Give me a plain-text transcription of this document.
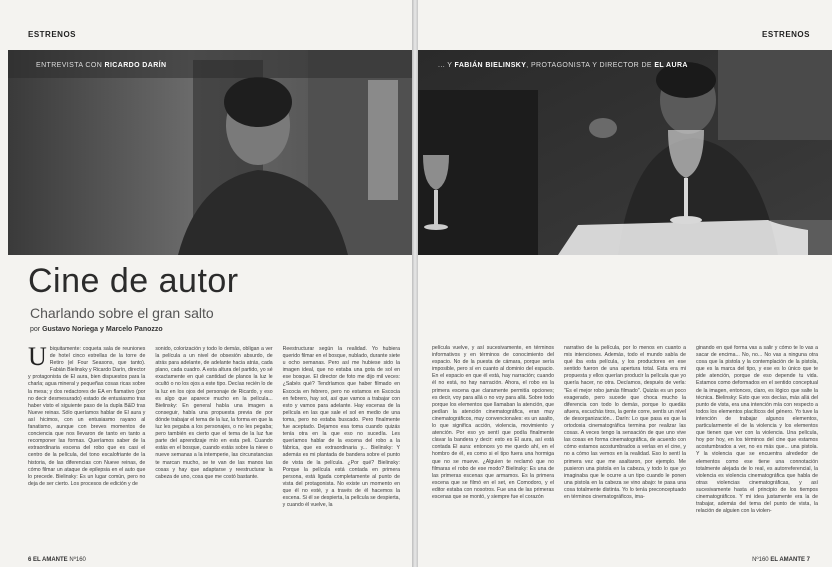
ESTRENOS
ENTREVISTA CON RICARDO DARÍN
Cine de autor
Charlando sobre el gran salto
por Gustavo Noriega y Marcelo Panozzo
U biquitamente: coqueta sala de reuniones de hotel cinco estrellas de la torre de Retiro (el Four Seasons, que tanto). Fabián Bielinsky y Ricardo Darín, director y protagonista de El aura, bien dispuestos para la charla; agua mineral y pequeñas cosas ricas sobre la mesa; y dos redactores de EA en flamativo (por no decir desmesurado) estado de entusiasmo tras haber visto el siguiente paso de la dupla B&D tras Nueve reinas. Sólo queríamos hablar de El aura y así hicimos, con un entusiasmo rayano al fanatismo, aunque con breves momentos de conciencia que nos llevaron de tanto en tanto a recomponer las formas. Queríamos saber de la extraordinaria escena del robo que es casi el centro de la película, del tono escalofriante de la historia, de las diferencias con Nueve reinas, de cómo filmar un ataque de epilepsia en el auto que lo precede. Bielinsky: Es un lugar común, pero no deja de ser cierto. Los procesos de edición y de
sonido, colorización y todo lo demás, obligan a ver la película a un nivel de obsesión absurdo, de atrás para adelante, de adelante hacia atrás, cada plano, cada cuadro. A esta altura del partido, yo sé exactamente en qué cantidad de planos la luz le ocultó o no los ojos a este tipo. Decías recién lo de la luz en los ojos del personaje de Ricardo, y eso es algo que aparece mucho en la película... Bielinsky: En general había una imagen a conseguir, había una propuesta previa de por dónde trabajar el tema de la luz, la forma en que la luz les pegaba a los personajes, o no les pegaba; pero también es cierto que el tema de la luz fue parte del aprendizaje mío en esta peli. Cuando estás en el bosque, cuando estás sobre la nieve o nueve semanas a la intemperie, las circunstancias te marcan mucho, se te van de las manos las cosas y hay que adaptarse y reestructurar la cabeza de uno, cosa que me costó bastante.
Reestructurar según la realidad. Yo hubiera querido filmar en el bosque, nublado, durante siete u ocho semanas. Pero así me hubiese sido la imagen ideal, que no estaba una gota de sol en ese bosque. El director de foto me dijo mil veces: ¿Sabés qué? Tendríamos que haber filmado en Escocia en febrero, pero no estamos en Escocia en febrero, hay sol, así que vamos a trabajar con esto y vamos para adelante. Hay escenas de la película en las que sale el sol en medio de una toma, pero no estaba buscado. Pero finalmente fue aceptado. Dejamos esa toma cuando quizás tenía otra en la que eso no sucedía. Les queríamos hablar de la escena del robo a la fábrica, que es extraordinaria y... Bielinsky: Y además es mi plantada de bandera sobre el punto de vista de la película. ¿Por qué? Bielinsky: Porque la película está contada en primera persona, está ligada completamente al punto de vista del protagonista. No existe un momento en que él no esté, y a través de él hacemos la escena. Si él se despierta, la película se despierta, y cuando él vuelve, la
6 EL AMANTE Nº160
ESTRENOS
... Y FABIÁN BIELINSKY, PROTAGONISTA Y DIRECTOR DE EL AURA
película vuelve, y así sucesivamente, en términos informativos y en términos de conocimiento del espacio. No de la puesta de cámara, porque sería imposible, pero sí en cuanto al dominio del espacio. En el espacio en que él está, hay narración; cuando él no está, no hay narración. Ahora, el robo es la primera escena que claramente permitía opciones; es decir, voy para allá o no voy para allá. Sobre todo porque los elementos que llamaban la atención, que pedían la atención cinematográfica, eran muy cinematográficos, muy convencionales: es un asalto, lo que significa acción, violencia, movimiento y atención. Por eso yo sentí que podía finalmente clavar la bandera y decir: esto es El aura, así está contada El aura: entonces yo me quedo ahí, en el hombro de él, es como si el tipo fuera una hormiga que no se mueve. ¿Alguien te reclamó que no filmaras el robo de ese modo? Bielinsky: Es una de las primeras escenas que armamos. Es la primera escena que se filmó en el set, en Comodoro, y el editor estaba con nosotros. Fue una de las primeras escenas que se montó, y siempre fue el corazón
narrativo de la película, por lo menos en cuanto a mis intenciones. Además, todo el mundo sabía de qué iba esta película, y los productores en ese sentido fueron de una apertura total. Esta era mi propuesta y ellos querían producir la película que yo quería hacer, no otra. Decíamos, después de verla: "Es el mejor robo jamás filmado". Quizás es un poco exagerado, pero sucede que choca mucho la diferencia con todo lo demás, porque lo quedás afuera, escuchás tiros, la gente corre, sentís un nivel de desorganización... Darín: Lo que pasa es que la ortodoxia cinematográfica termina por realizar las cosas. A veces tengo la sensación de que uno vive las cosas en forma cinematográfica, de acuerdo con cómo estamos acostumbrados a verlas en el cine, y no a cómo las vemos en la realidad. Eso lo sentí la primera vez que me asaltaron, por ejemplo. Me pusieron una pistola en la cabeza, y todo lo que yo imaginaba que le ocurre a un tipo cuando le ponen una pistola en la cabeza se vino abajo: te pasa una cosa totalmente distinta. Yo lo tenía preconceptuado en términos cinematográficos, ima-
ginando en qué forma vas a salir y cómo te lo vas a sacar de encima... No, no... No vas a ninguna otra cosa que la pistola y la contemplación de la pistola, que es la marca del tipo, y ese es lo único que te pide atención, porque de eso depende tu vida. Estamos como deformados en el sentido conceptual de la imagen, entonces, claro, es lógico que salte la técnica. Bielinsky: Esto que vos decías, más allá del punto de vista, era una intención mía con respecto a todos los elementos placíticos del género. Yo tuve la intención de trabajar algunos elementos, particularmente el de la violencia y los elementos que tienen que ver con la violencia. Una película, hoy por hoy, en los términos del cine que estamos acostumbrados a ver, no es más que... una pistola. Y la violencia que se encuentra alrededor de elementos como ese tiene una connotación totalmente alejada de lo real, es autorreferencial, la violencia es violencia cinematográfica que habla de otras violencias cinematográficas, y así sucesivamente hasta el principio de los tiempos cinematográficos. Y mi idea justamente era la de trabajar, además del tema del punto de vista, la relación de alguien con la violen-
Nº160 EL AMANTE 7
